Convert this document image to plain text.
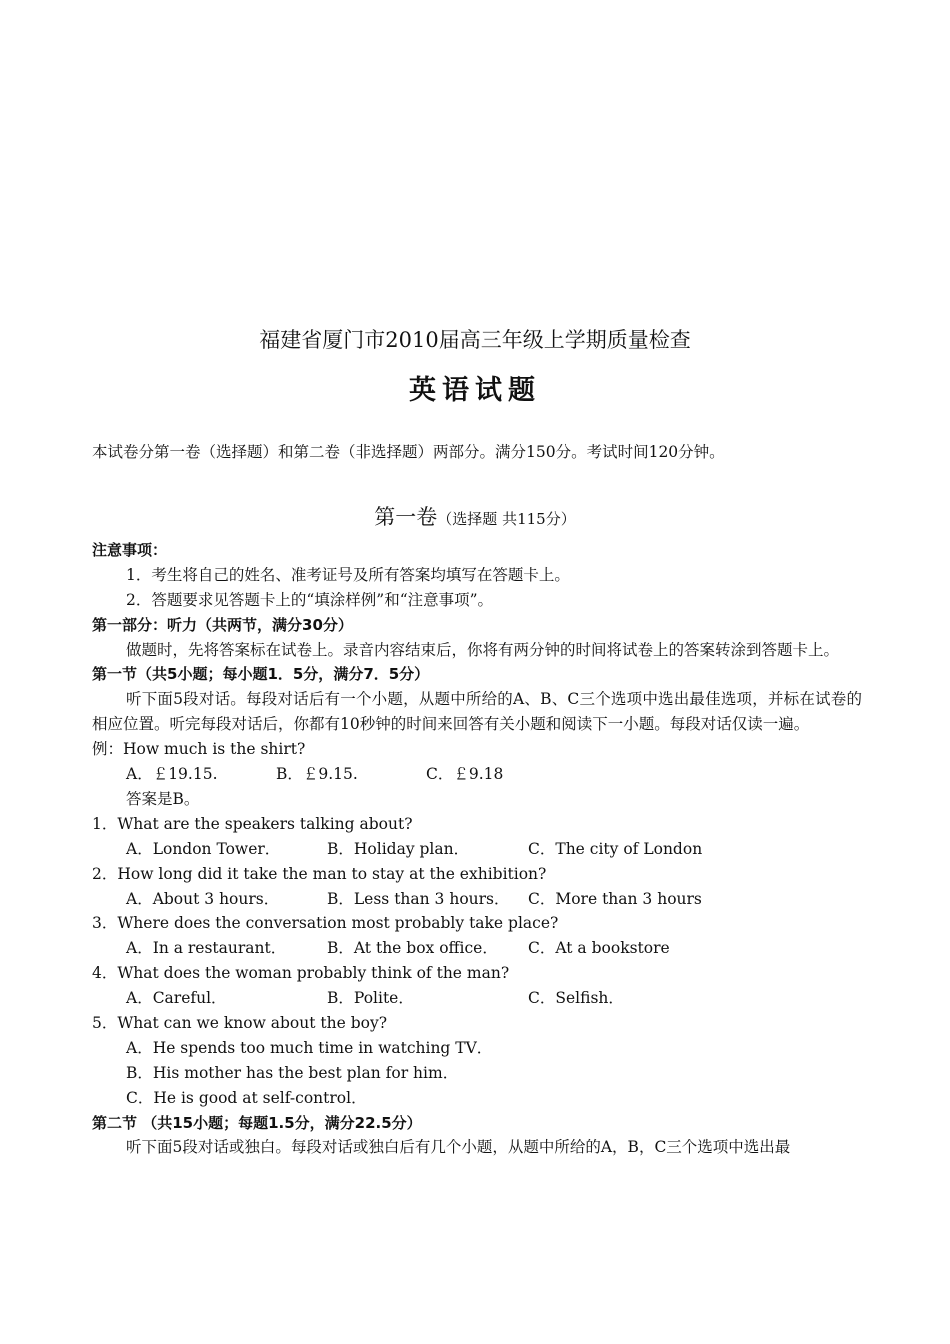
福建省厦门市2010届高三年级上学期质量检查
英语试题
本试卷分第一卷（选择题）和第二卷（非选择题）两部分。满分150分。考试时间120分钟。
第一卷（选择题 共115分）
注意事项：
1．考生将自己的姓名、准考证号及所有答案均填写在答题卡上。
2．答题要求见答题卡上的“填涂样例”和“注意事项”。
第一部分：听力（共两节，满分30分）
做题时，先将答案标在试卷上。录音内容结束后，你将有两分钟的时间将试卷上的答案转涂到答题卡上。
第一节（共5小题；每小题1．5分，满分7．5分）
听下面5段对话。每段对话后有一个小题，从题中所给的A、B、C三个选项中选出最佳选项，并标在试卷的相应位置。听完每段对话后，你都有10秒钟的时间来回答有关小题和阅读下一小题。每段对话仅读一遍。
例：How much is the shirt?
A．￡19.15.	B．￡9.15.	C．￡9.18
答案是B。
1．What are the speakers talking about?
A．London Tower．	B．Holiday plan．	C．The city of London
2．How long did it take the man to stay at the exhibition?
A．About 3 hours．	B．Less than 3 hours．	C．More than 3 hours
3．Where does the conversation most probably take place?
A．In a restaurant．	B．At the box office．	C．At a bookstore
4．What does the woman probably think of the man?
A．Careful．	B．Polite．	C．Selfish．
5．What can we know about the boy?
A．He spends too much time in watching TV．
B．His mother has the best plan for him．
C．He is good at self-control．
第二节 （共15小题；每题1.5分，满分22.5分）
听下面5段对话或独白。每段对话或独白后有几个小题，从题中所给的A，B，C三个选项中选出最
